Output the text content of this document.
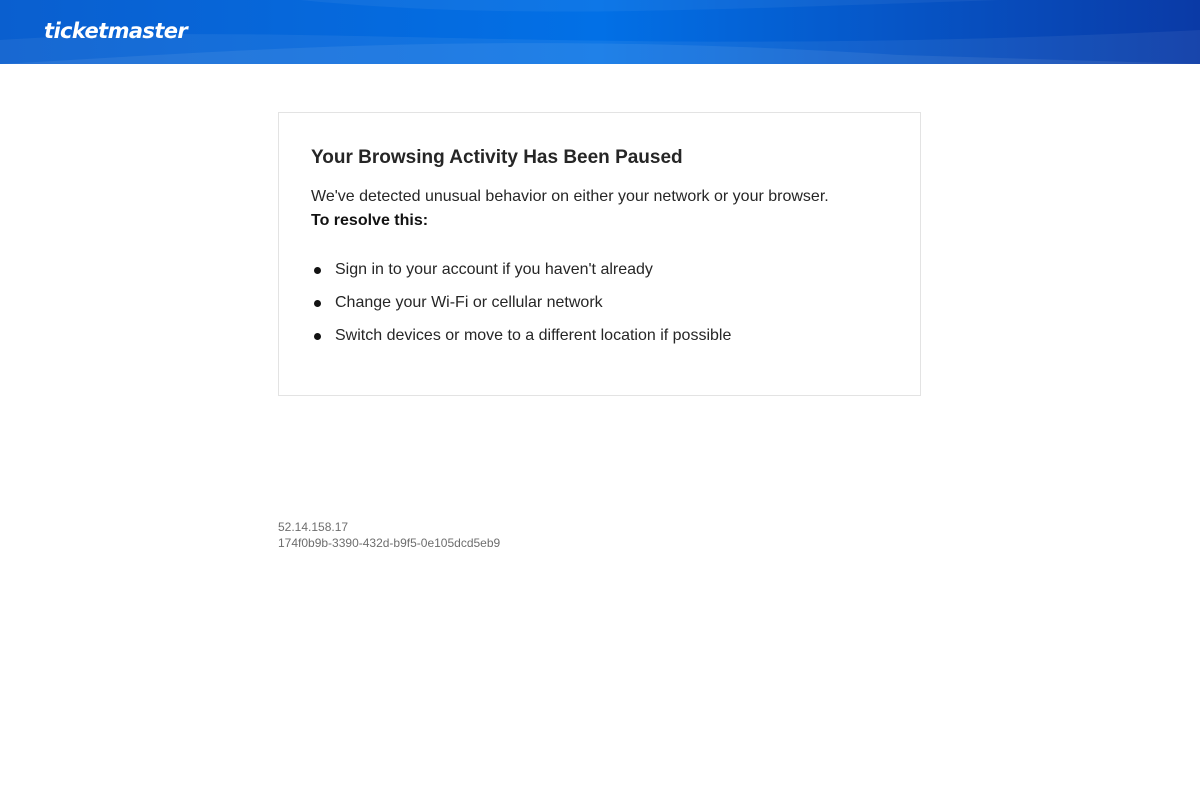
ticketmaster
Your Browsing Activity Has Been Paused

We've detected unusual behavior on either your network or your browser.

To resolve this:

Sign in to your account if you haven't already
Change your Wi-Fi or cellular network
Switch devices or move to a different location if possible
52.14.158.17
174f0b9b-3390-432d-b9f5-0e105dcd5eb9
